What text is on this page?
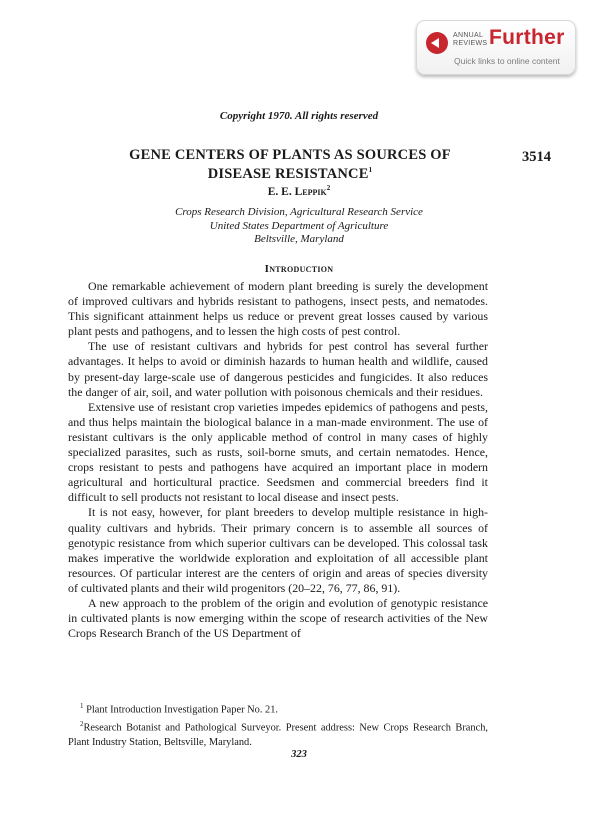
ANNUAL
REVIEWS Further
Quick links to online content
Copyright 1970. All rights reserved
3514
GENE CENTERS OF PLANTS AS SOURCES OF
DISEASE RESISTANCE$^1$
E. E. Leppik$^2$
Crops Research Division, Agricultural Research Service
United States Department of Agriculture
Beltsville, Maryland
Introduction

One remarkable achievement of modern plant breeding is surely the development of improved cultivars and hybrids resistant to pathogens, insect pests, and nematodes. This significant attainment helps us reduce or prevent great losses caused by various plant pests and pathogens, and to lessen the high costs of pest control.

The use of resistant cultivars and hybrids for pest control has several further advantages. It helps to avoid or diminish hazards to human health and wildlife, caused by present-day large-scale use of dangerous pesticides and fungicides. It also reduces the danger of air, soil, and water pollution with poisonous chemicals and their residues.

Extensive use of resistant crop varieties impedes epidemics of pathogens and pests, and thus helps maintain the biological balance in a man-made environment. The use of resistant cultivars is the only applicable method of control in many cases of highly specialized parasites, such as rusts, soil-borne smuts, and certain nematodes. Hence, crops resistant to pests and pathogens have acquired an important place in modern agricultural and horticultural practice. Seedsmen and commercial breeders find it difficult to sell products not resistant to local disease and insect pests.

It is not easy, however, for plant breeders to develop multiple resistance in high-quality cultivars and hybrids. Their primary concern is to assemble all sources of genotypic resistance from which superior cultivars can be developed. This colossal task makes imperative the worldwide exploration and exploitation of all accessible plant resources. Of particular interest are the centers of origin and areas of species diversity of cultivated plants and their wild progenitors (20–22, 76, 77, 86, 91).

A new approach to the problem of the origin and evolution of genotypic resistance in cultivated plants is now emerging within the scope of research activities of the New Crops Research Branch of the US Department of

$^1$ Plant Introduction Investigation Paper No. 21.

$^2$Research Botanist and Pathological Surveyor. Present address: New Crops Research Branch, Plant Industry Station, Beltsville, Maryland.

323
